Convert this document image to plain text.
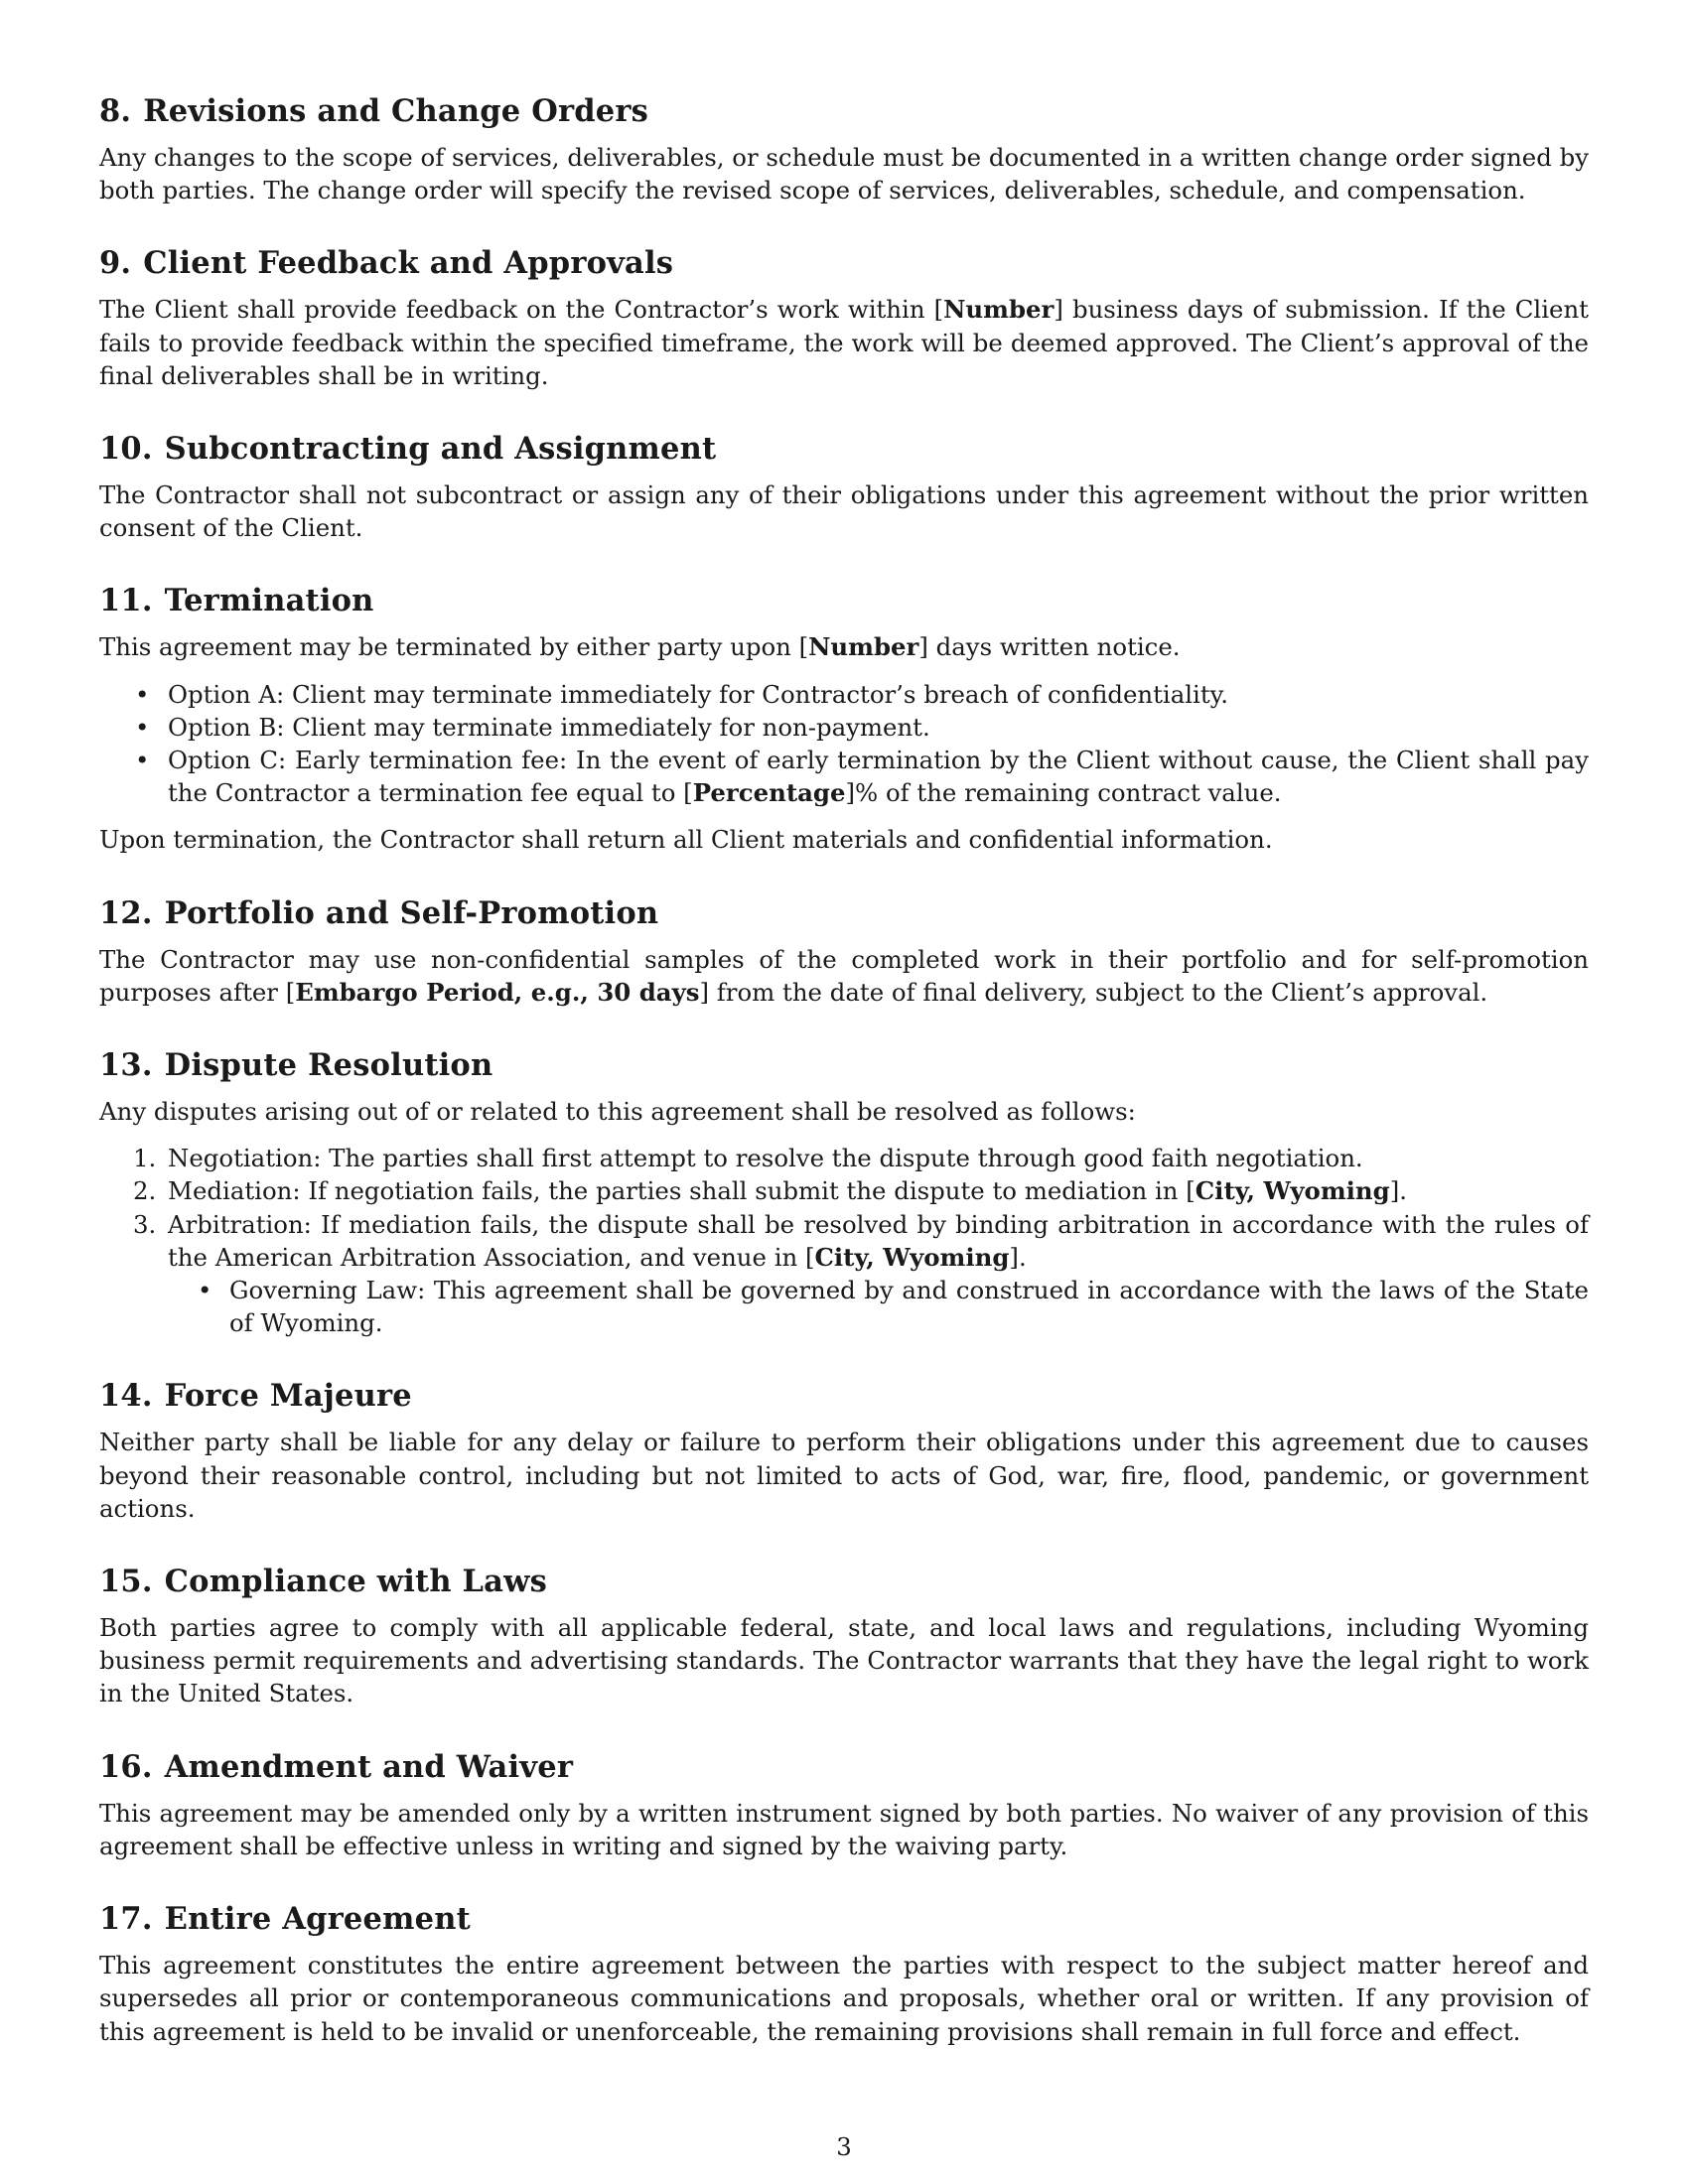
8. Revisions and Change Orders

Any changes to the scope of services, deliverables, or schedule must be documented in a written change order signed by both parties. The change order will specify the revised scope of services, deliverables, schedule, and compensation.

9. Client Feedback and Approvals

The Client shall provide feedback on the Contractor’s work within [Number] business days of submission. If the Client fails to provide feedback within the specified timeframe, the work will be deemed approved. The Client’s approval of the final deliverables shall be in writing.

10. Subcontracting and Assignment

The Contractor shall not subcontract or assign any of their obligations under this agreement without the prior written consent of the Client.

11. Termination

This agreement may be terminated by either party upon [Number] days written notice.

• Option A: Client may terminate immediately for Contractor’s breach of confidentiality.
• Option B: Client may terminate immediately for non-payment.
• Option C: Early termination fee: In the event of early termination by the Client without cause, the Client shall pay the Contractor a termination fee equal to [Percentage]% of the remaining contract value.

Upon termination, the Contractor shall return all Client materials and confidential information.

12. Portfolio and Self-Promotion

The Contractor may use non-confidential samples of the completed work in their portfolio and for self-promotion purposes after [Embargo Period, e.g., 30 days] from the date of final delivery, subject to the Client’s approval.

13. Dispute Resolution

Any disputes arising out of or related to this agreement shall be resolved as follows:

1. Negotiation: The parties shall first attempt to resolve the dispute through good faith negotiation.
2. Mediation: If negotiation fails, the parties shall submit the dispute to mediation in [City, Wyoming].
3. Arbitration: If mediation fails, the dispute shall be resolved by binding arbitration in accordance with the rules of the American Arbitration Association, and venue in [City, Wyoming].
• Governing Law: This agreement shall be governed by and construed in accordance with the laws of the State of Wyoming.
14. Force Majeure

Neither party shall be liable for any delay or failure to perform their obligations under this agreement due to causes beyond their reasonable control, including but not limited to acts of God, war, fire, flood, pandemic, or government actions.

15. Compliance with Laws

Both parties agree to comply with all applicable federal, state, and local laws and regulations, including Wyoming business permit requirements and advertising standards. The Contractor warrants that they have the legal right to work in the United States.

16. Amendment and Waiver

This agreement may be amended only by a written instrument signed by both parties. No waiver of any provision of this agreement shall be effective unless in writing and signed by the waiving party.

17. Entire Agreement

This agreement constitutes the entire agreement between the parties with respect to the subject matter hereof and supersedes all prior or contemporaneous communications and proposals, whether oral or written. If any provision of this agreement is held to be invalid or unenforceable, the remaining provisions shall remain in full force and effect.

3
